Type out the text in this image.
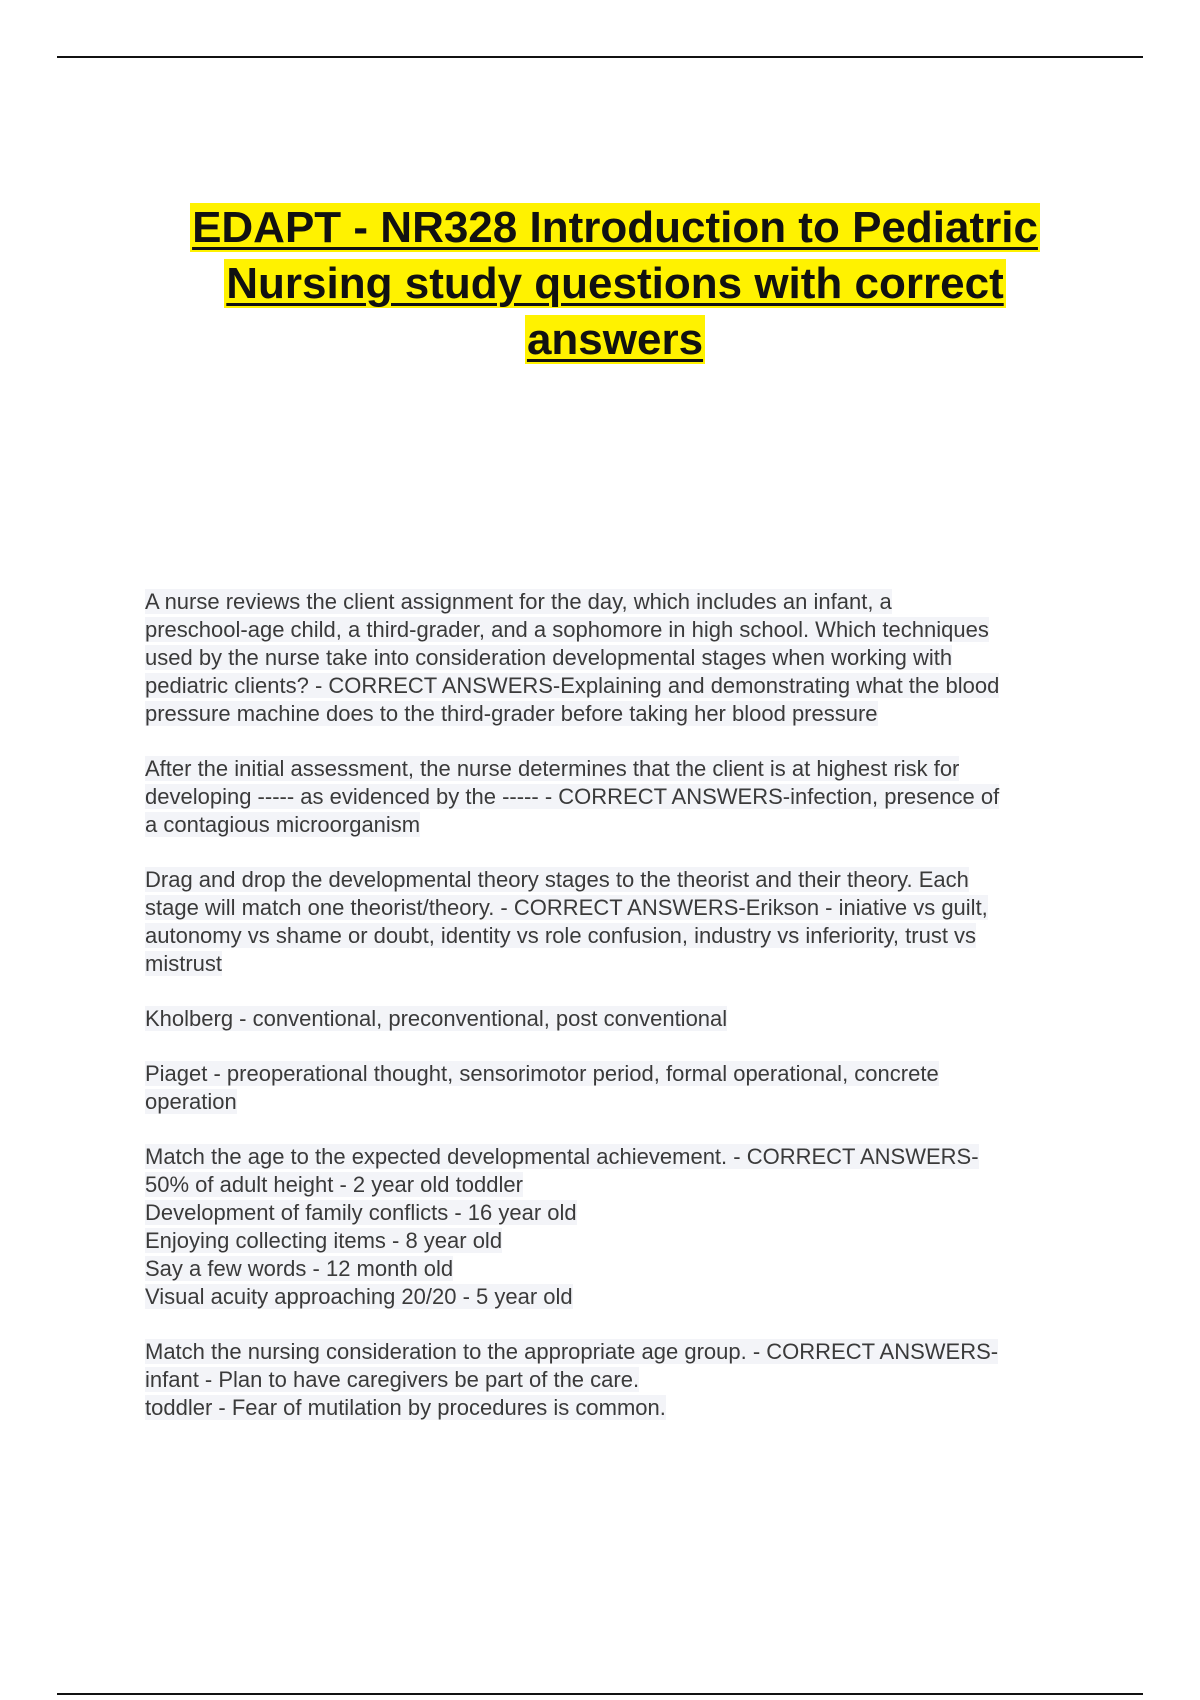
EDAPT - NR328 Introduction to Pediatric
Nursing study questions with correct
answers
A nurse reviews the client assignment for the day, which includes an infant, a
preschool-age child, a third-grader, and a sophomore in high school. Which techniques
used by the nurse take into consideration developmental stages when working with
pediatric clients? - CORRECT ANSWERS-Explaining and demonstrating what the blood
pressure machine does to the third-grader before taking her blood pressure
After the initial assessment, the nurse determines that the client is at highest risk for
developing ----- as evidenced by the ----- - CORRECT ANSWERS-infection, presence of
a contagious microorganism
Drag and drop the developmental theory stages to the theorist and their theory. Each
stage will match one theorist/theory. - CORRECT ANSWERS-Erikson - iniative vs guilt,
autonomy vs shame or doubt, identity vs role confusion, industry vs inferiority, trust vs
mistrust
Kholberg - conventional, preconventional, post conventional
Piaget - preoperational thought, sensorimotor period, formal operational, concrete
operation
Match the age to the expected developmental achievement. - CORRECT ANSWERS-
50% of adult height - 2 year old toddler
Development of family conflicts - 16 year old
Enjoying collecting items - 8 year old
Say a few words - 12 month old
Visual acuity approaching 20/20 - 5 year old
Match the nursing consideration to the appropriate age group. - CORRECT ANSWERS-
infant - Plan to have caregivers be part of the care.
toddler - Fear of mutilation by procedures is common.
